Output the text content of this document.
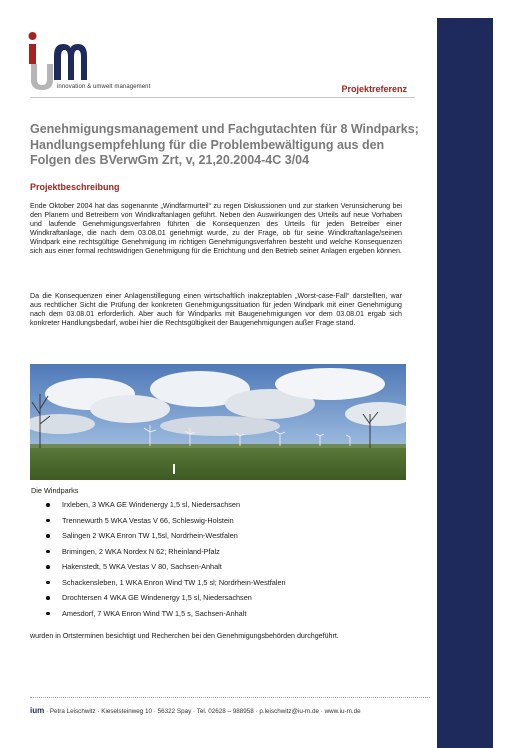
innovation & umwelt management	Projektreferenz
Genehmigungsmanagement und Fachgutachten für 8 Windparks; Handlungsempfehlung für die Problembewältigung aus den Folgen des BVerwGm Zrt, v, 21,20.2004-4C 3/04
Projektbeschreibung

Ende Oktober 2004 hat das sogenannte „Windfarmurteil“ zu regen Diskussionen und zur starken Verunsicherung bei den Planern und Betreibern von Windkraftanlagen geführt. Neben den Auswirkungen des Urteils auf neue Vorhaben und laufende Genehmigungsverfahren führten die Konsequenzen des Urteils für jeden Betreiber einer Windkraftanlage, die nach dem 03.08.01 genehmigt wurde, zu der Frage, ob für seine Windkraftanlage/seinen Windpark eine rechtsgültige Genehmigung im richtigen Genehmigungsverfahren besteht und welche Konsequenzen sich aus einer formal rechtswidrigen Genehmigung für die Errichtung und den Betrieb seiner Anlagen ergeben können.

Da die Konsequenzen einer Anlagenstillegung einen wirtschaftlich inakzeptablen „Worst-case-Fall“ darstellten, war aus rechtlicher Sicht die Prüfung der konkreten Genehmigungssituation für jeden Windpark mit einer Genehmigung nach dem 03.08.01 erforderlich. Aber auch für Windparks mit Baugenehmigungen vor dem 03.08.01 ergab sich konkreter Handlungsbedarf, wobei hier die Rechtsgültigkeit der Baugenehmigungen außer Frage stand.

Die Windparks
Irxleben, 3 WKA GE Windenergy 1,5 sl, Niedersachsen
Trennewurth 5 WKA Vestas V 66, Schleswig-Holstein
Salingen 2 WKA Enron TW 1,5sl, Nordrhein-Westfalen
Brimingen, 2 WKA Nordex N 62; Rheinland-Pfalz
Hakenstedt, 5 WKA Vestas V 80, Sachsen-Anhalt
Schackensleben, 1 WKA Enron Wind TW 1,5 sl; Nordrhein-Westfalen
Drochtersen 4 WKA GE Windenergy 1,5 sl, Niedersachsen
Amesdorf, 7 WKA Enron Wind TW 1,5 s, Sachsen-Anhalt

wurden in Ortsterminen besichtigt und Recherchen bei den Genehmigungsbehörden durchgeführt.

ium · Petra Leischwitz · Kieselsteinweg 10 · 56322 Spay · Tel. 02628 – 988958 · p.leischwitz@iu-m.de · www.iu-m.de
